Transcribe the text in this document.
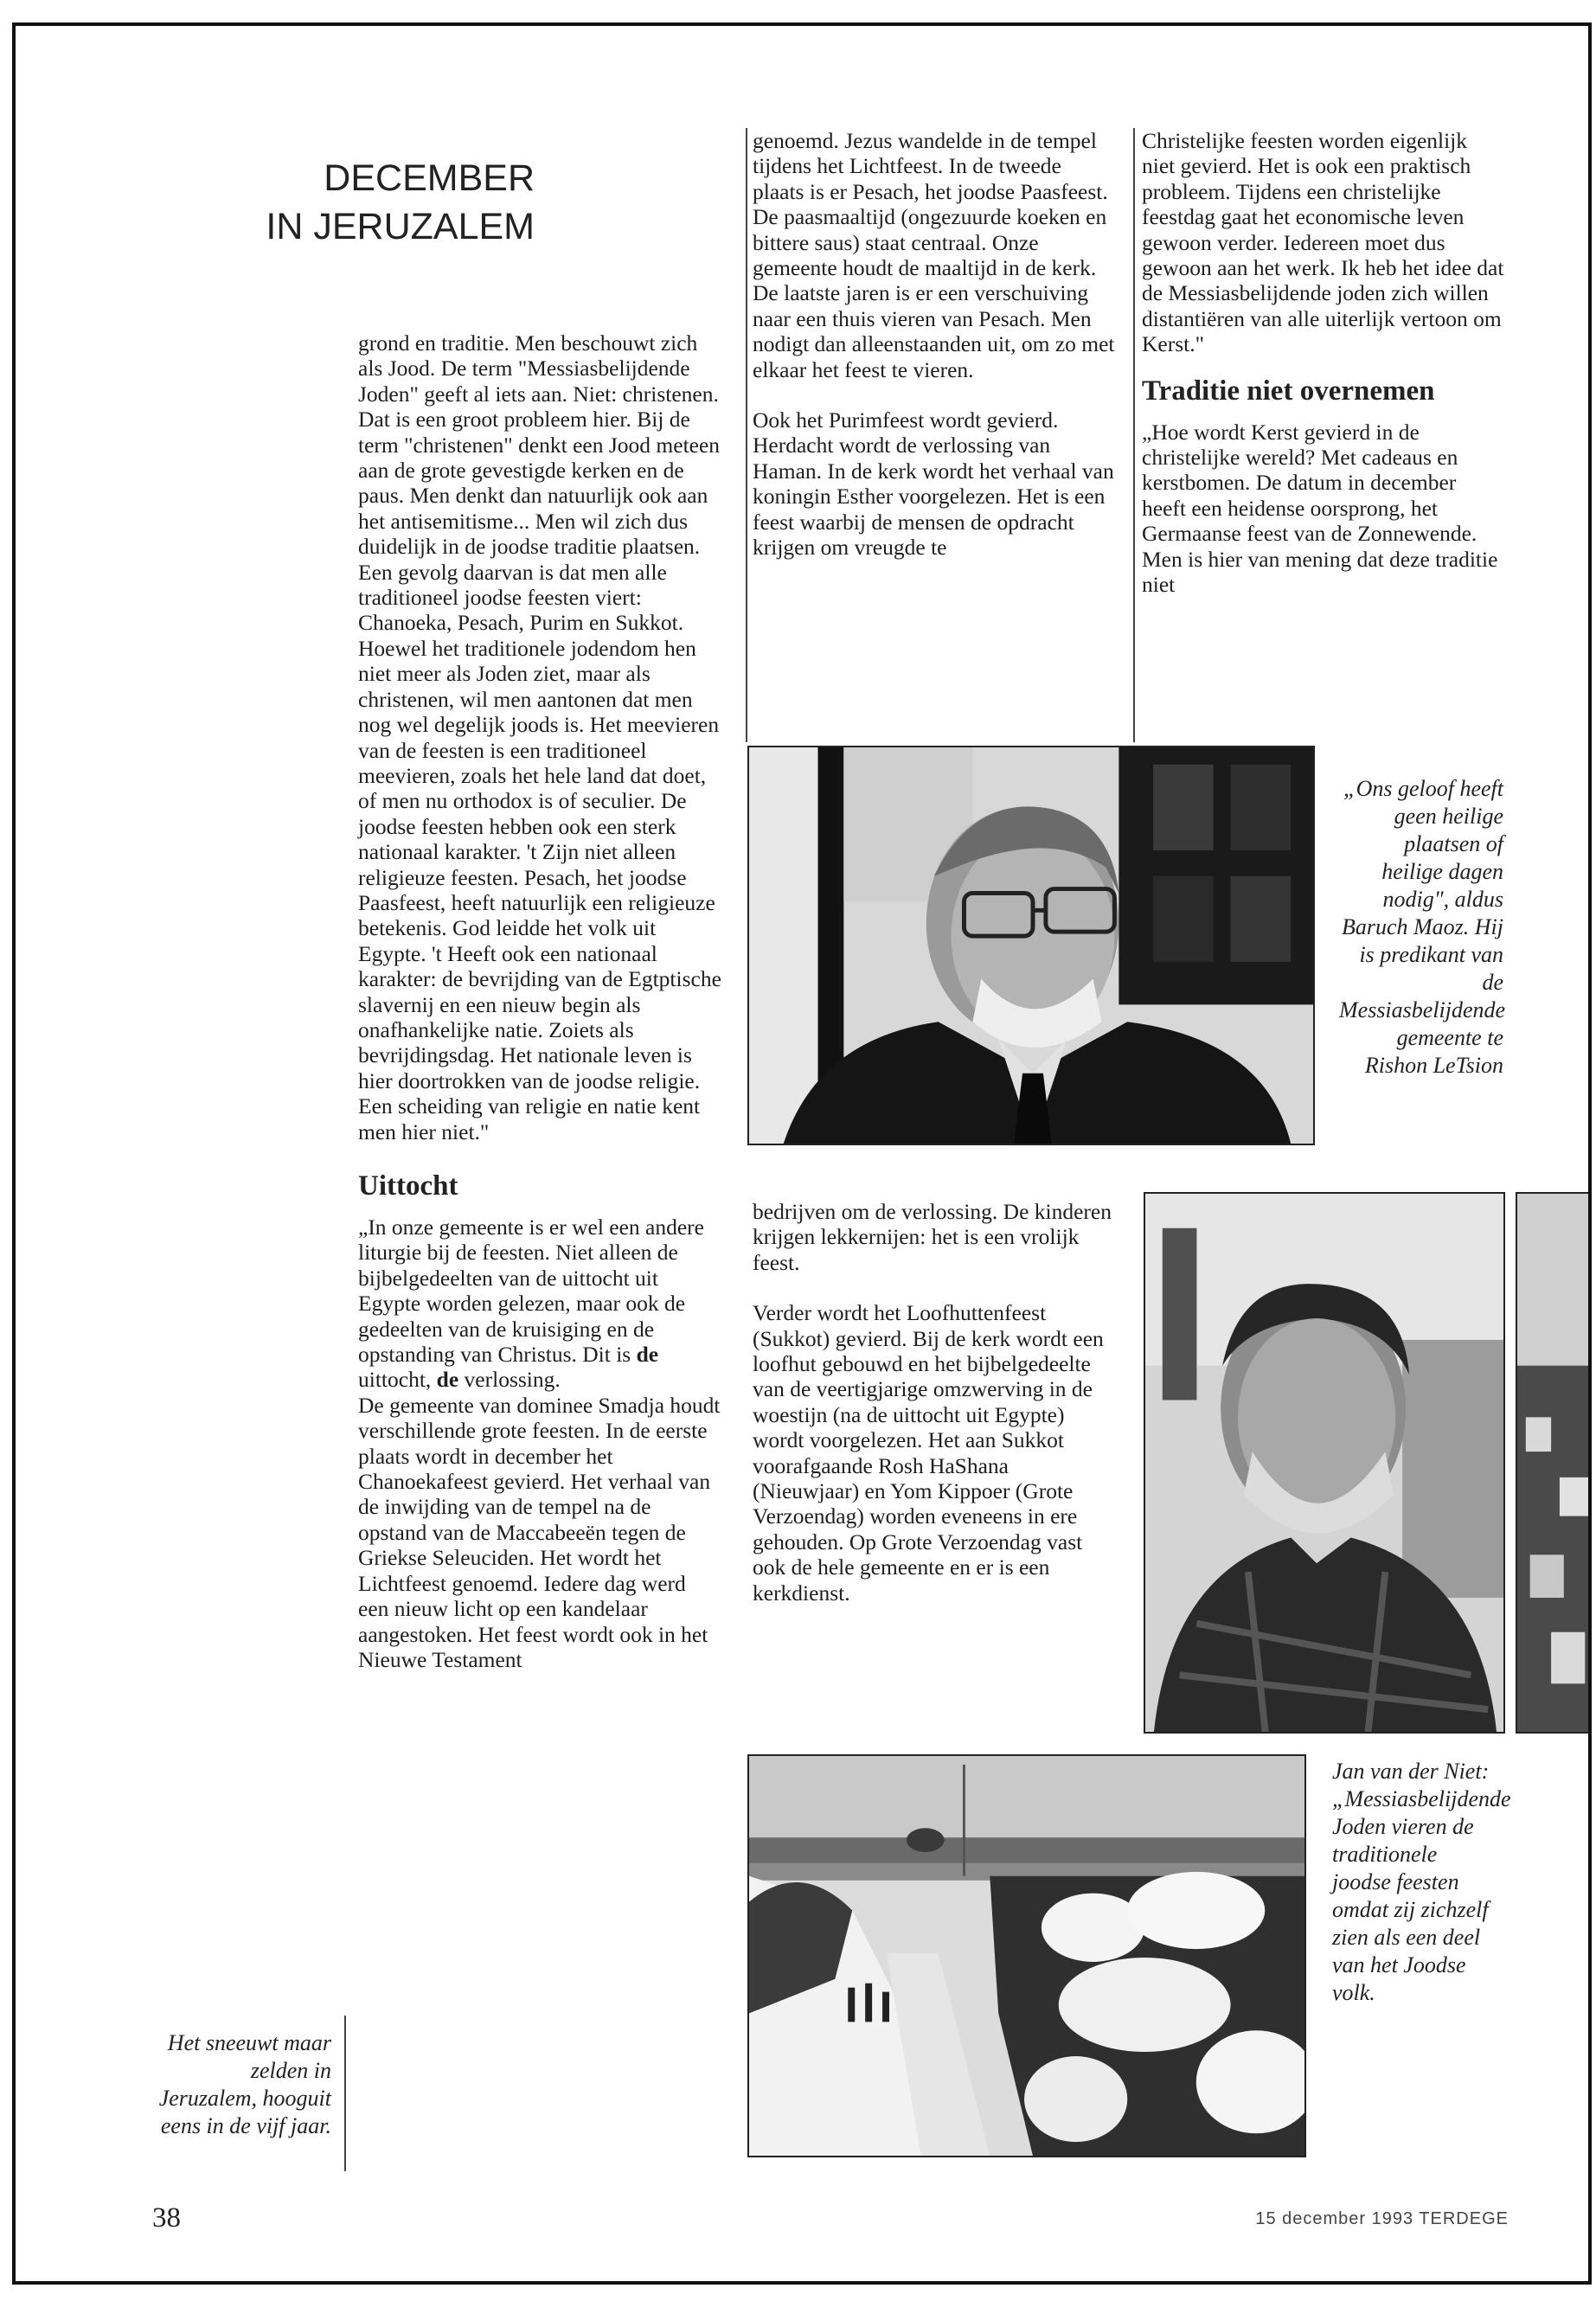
DECEMBER
IN JERUZALEM

grond en traditie. Men beschouwt zich als Jood. De term "Messiasbelijdende Joden" geeft al iets aan. Niet: christenen. Dat is een groot probleem hier. Bij de term "christenen" denkt een Jood meteen aan de grote gevestigde kerken en de paus. Men denkt dan natuurlijk ook aan het antisemitisme... Men wil zich dus duidelijk in de joodse traditie plaatsen. Een gevolg daarvan is dat men alle traditioneel joodse feesten viert: Chanoeka, Pesach, Purim en Sukkot. Hoewel het traditionele jodendom hen niet meer als Joden ziet, maar als christenen, wil men aantonen dat men nog wel degelijk joods is. Het meevieren van de feesten is een traditioneel meevieren, zoals het hele land dat doet, of men nu orthodox is of seculier. De joodse feesten hebben ook een sterk nationaal karakter. 't Zijn niet alleen religieuze feesten. Pesach, het joodse Paasfeest, heeft natuurlijk een religieuze betekenis. God leidde het volk uit Egypte. 't Heeft ook een nationaal karakter: de bevrijding van de Egtptische slavernij en een nieuw begin als onafhankelijke natie. Zoiets als bevrijdingsdag. Het nationale leven is hier doortrokken van de joodse religie. Een scheiding van religie en natie kent men hier niet."

Uittocht

„In onze gemeente is er wel een andere liturgie bij de feesten. Niet alleen de bijbelgedeelten van de uittocht uit Egypte worden gelezen, maar ook de gedeelten van de kruisiging en de opstanding van Christus. Dit is de uittocht, de verlossing.

De gemeente van dominee Smadja houdt verschillende grote feesten. In de eerste plaats wordt in december het Chanoekafeest gevierd. Het verhaal van de inwijding van de tempel na de opstand van de Maccabeeën tegen de Griekse Seleuciden. Het wordt het Lichtfeest genoemd. Iedere dag werd een nieuw licht op een kandelaar aangestoken. Het feest wordt ook in het Nieuwe Testament

genoemd. Jezus wandelde in de tempel tijdens het Lichtfeest. In de tweede plaats is er Pesach, het joodse Paasfeest. De paasmaaltijd (ongezuurde koeken en bittere saus) staat centraal. Onze gemeente houdt de maaltijd in de kerk. De laatste jaren is er een verschuiving naar een thuis vieren van Pesach. Men nodigt dan alleenstaanden uit, om zo met elkaar het feest te vieren.

Ook het Purimfeest wordt gevierd. Herdacht wordt de verlossing van Haman. In de kerk wordt het verhaal van koningin Esther voorgelezen. Het is een feest waarbij de mensen de opdracht krijgen om vreugde te

Christelijke feesten worden eigenlijk niet gevierd. Het is ook een praktisch probleem. Tijdens een christelijke feestdag gaat het economische leven gewoon verder. Iedereen moet dus gewoon aan het werk. Ik heb het idee dat de Messiasbelijdende joden zich willen distantiëren van alle uiterlijk vertoon om Kerst."

Traditie niet overnemen

„Hoe wordt Kerst gevierd in de christelijke wereld? Met cadeaus en kerstbomen. De datum in december heeft een heidense oorsprong, het Germaanse feest van de Zonnewende. Men is hier van mening dat deze traditie niet

„Ons geloof heeft geen heilige plaatsen of heilige dagen nodig", aldus Baruch Maoz. Hij is predikant van de Messiasbelijdende gemeente te Rishon LeTsion

bedrijven om de verlossing. De kinderen krijgen lekkernijen: het is een vrolijk feest.

Verder wordt het Loofhuttenfeest (Sukkot) gevierd. Bij de kerk wordt een loofhut gebouwd en het bijbelgedeelte van de veertigjarige omzwerving in de woestijn (na de uittocht uit Egypte) wordt voorgelezen. Het aan Sukkot voorafgaande Rosh HaShana (Nieuwjaar) en Yom Kippoer (Grote Verzoendag) worden eveneens in ere gehouden. Op Grote Verzoendag vast ook de hele gemeente en er is een kerkdienst.

Jan van der Niet: „Messiasbelijdende Joden vieren de traditionele joodse feesten omdat zij zichzelf zien als een deel van het Joodse volk.
Het sneeuwt maar zelden in Jeruzalem, hooguit eens in de vijf jaar.
38	15 december 1993 TERDEGE
